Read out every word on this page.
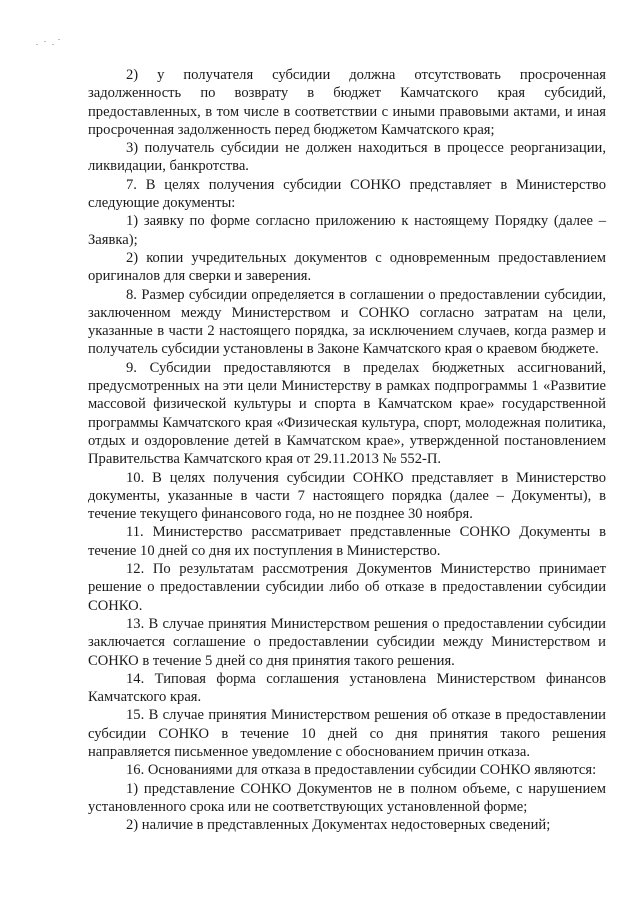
2) у получателя субсидии должна отсутствовать просроченная задолженность по возврату в бюджет Камчатского края субсидий, предоставленных, в том числе в соответствии с иными правовыми актами, и иная просроченная задолженность перед бюджетом Камчатского края;

3) получатель субсидии не должен находиться в процессе реорганизации, ликвидации, банкротства.

7. В целях получения субсидии СОНКО представляет в Министерство следующие документы:

1) заявку по форме согласно приложению к настоящему Порядку (далее – Заявка);

2) копии учредительных документов с одновременным предоставлением оригиналов для сверки и заверения.

8. Размер субсидии определяется в соглашении о предоставлении субсидии, заключенном между Министерством и СОНКО согласно затратам на цели, указанные в части 2 настоящего порядка, за исключением случаев, когда размер и получатель субсидии установлены в Законе Камчатского края о краевом бюджете.

9. Субсидии предоставляются в пределах бюджетных ассигнований, предусмотренных на эти цели Министерству в рамках подпрограммы 1 «Развитие массовой физической культуры и спорта в Камчатском крае» государственной программы Камчатского края «Физическая культура, спорт, молодежная политика, отдых и оздоровление детей в Камчатском крае», утвержденной постановлением Правительства Камчатского края от 29.11.2013 № 552-П.

10. В целях получения субсидии СОНКО представляет в Министерство документы, указанные в части 7 настоящего порядка (далее – Документы), в течение текущего финансового года, но не позднее 30 ноября.

11. Министерство рассматривает представленные СОНКО Документы в течение 10 дней со дня их поступления в Министерство.

12. По результатам рассмотрения Документов Министерство принимает решение о предоставлении субсидии либо об отказе в предоставлении субсидии СОНКО.

13. В случае принятия Министерством решения о предоставлении субсидии заключается соглашение о предоставлении субсидии между Министерством и СОНКО в течение 5 дней со дня принятия такого решения.

14. Типовая форма соглашения установлена Министерством финансов Камчатского края.

15. В случае принятия Министерством решения об отказе в предоставлении субсидии СОНКО в течение 10 дней со дня принятия такого решения направляется письменное уведомление с обоснованием причин отказа.

16. Основаниями для отказа в предоставлении субсидии СОНКО являются:

1) представление СОНКО Документов не в полном объеме, с нарушением установленного срока или не соответствующих установленной форме;

2) наличие в представленных Документах недостоверных сведений;
